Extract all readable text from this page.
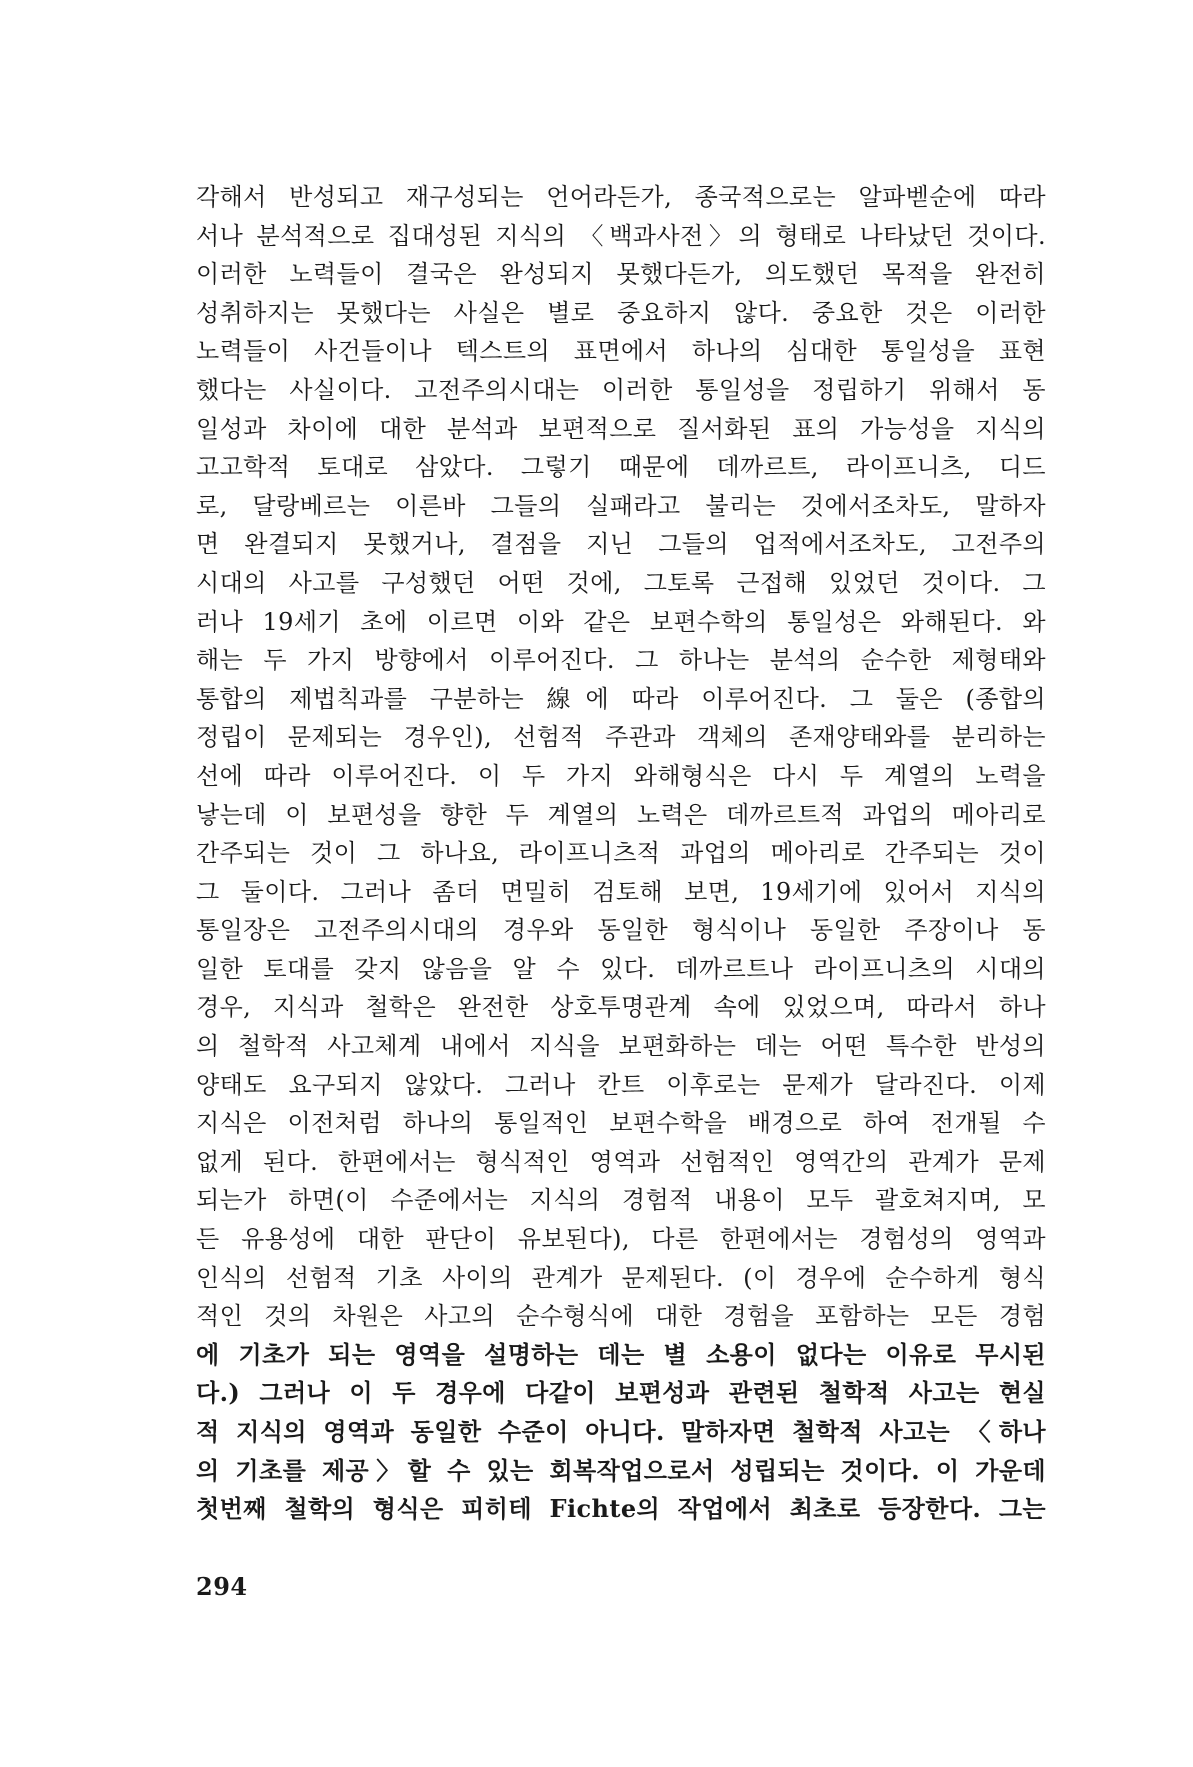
각해서 반성되고 재구성되는 언어라든가, 종국적으로는 알파벧순에 따라
서나 분석적으로 집대성된 지식의 〈백과사전〉의 형태로 나타났던 것이다.
이러한 노력들이 결국은 완성되지 못했다든가, 의도했던 목적을 완전히
성취하지는 못했다는 사실은 별로 중요하지 않다. 중요한 것은 이러한
노력들이 사건들이나 텍스트의 표면에서 하나의 심대한 통일성을 표현
했다는 사실이다. 고전주의시대는 이러한 통일성을 정립하기 위해서 동
일성과 차이에 대한 분석과 보편적으로 질서화된 표의 가능성을 지식의
고고학적 토대로 삼았다. 그렇기 때문에 데까르트, 라이프니츠, 디드
로, 달랑베르는 이른바 그들의 실패라고 불리는 것에서조차도, 말하자
면 완결되지 못했거나, 결점을 지닌 그들의 업적에서조차도, 고전주의
시대의 사고를 구성했던 어떤 것에, 그토록 근접해 있었던 것이다. 그
러나 19세기 초에 이르면 이와 같은 보편수학의 통일성은 와해된다. 와
해는 두 가지 방향에서 이루어진다. 그 하나는 분석의 순수한 제형태와
통합의 제법칙과를 구분하는 線에 따라 이루어진다. 그 둘은 (종합의
정립이 문제되는 경우인), 선험적 주관과 객체의 존재양태와를 분리하는
선에 따라 이루어진다. 이 두 가지 와해형식은 다시 두 계열의 노력을
낳는데 이 보편성을 향한 두 계열의 노력은 데까르트적 과업의 메아리로
간주되는 것이 그 하나요, 라이프니츠적 과업의 메아리로 간주되는 것이
그 둘이다. 그러나 좀더 면밀히 검토해 보면, 19세기에 있어서 지식의
통일장은 고전주의시대의 경우와 동일한 형식이나 동일한 주장이나 동
일한 토대를 갖지 않음을 알 수 있다. 데까르트나 라이프니츠의 시대의
경우, 지식과 철학은 완전한 상호투명관계 속에 있었으며, 따라서 하나
의 철학적 사고체계 내에서 지식을 보편화하는 데는 어떤 특수한 반성의
양태도 요구되지 않았다. 그러나 칸트 이후로는 문제가 달라진다. 이제
지식은 이전처럼 하나의 통일적인 보편수학을 배경으로 하여 전개될 수
없게 된다. 한편에서는 형식적인 영역과 선험적인 영역간의 관계가 문제
되는가 하면(이 수준에서는 지식의 경험적 내용이 모두 괄호쳐지며, 모
든 유용성에 대한 판단이 유보된다), 다른 한편에서는 경험성의 영역과
인식의 선험적 기초 사이의 관계가 문제된다. (이 경우에 순수하게 형식
적인 것의 차원은 사고의 순수형식에 대한 경험을 포함하는 모든 경험
에 기초가 되는 영역을 설명하는 데는 별 소용이 없다는 이유로 무시된
다.) 그러나 이 두 경우에 다같이 보편성과 관련된 철학적 사고는 현실
적 지식의 영역과 동일한 수준이 아니다. 말하자면 철학적 사고는 〈하나
의 기초를 제공〉할 수 있는 회복작업으로서 성립되는 것이다. 이 가운데
첫번째 철학의 형식은 피히테 Fichte의 작업에서 최초로 등장한다. 그는
294
